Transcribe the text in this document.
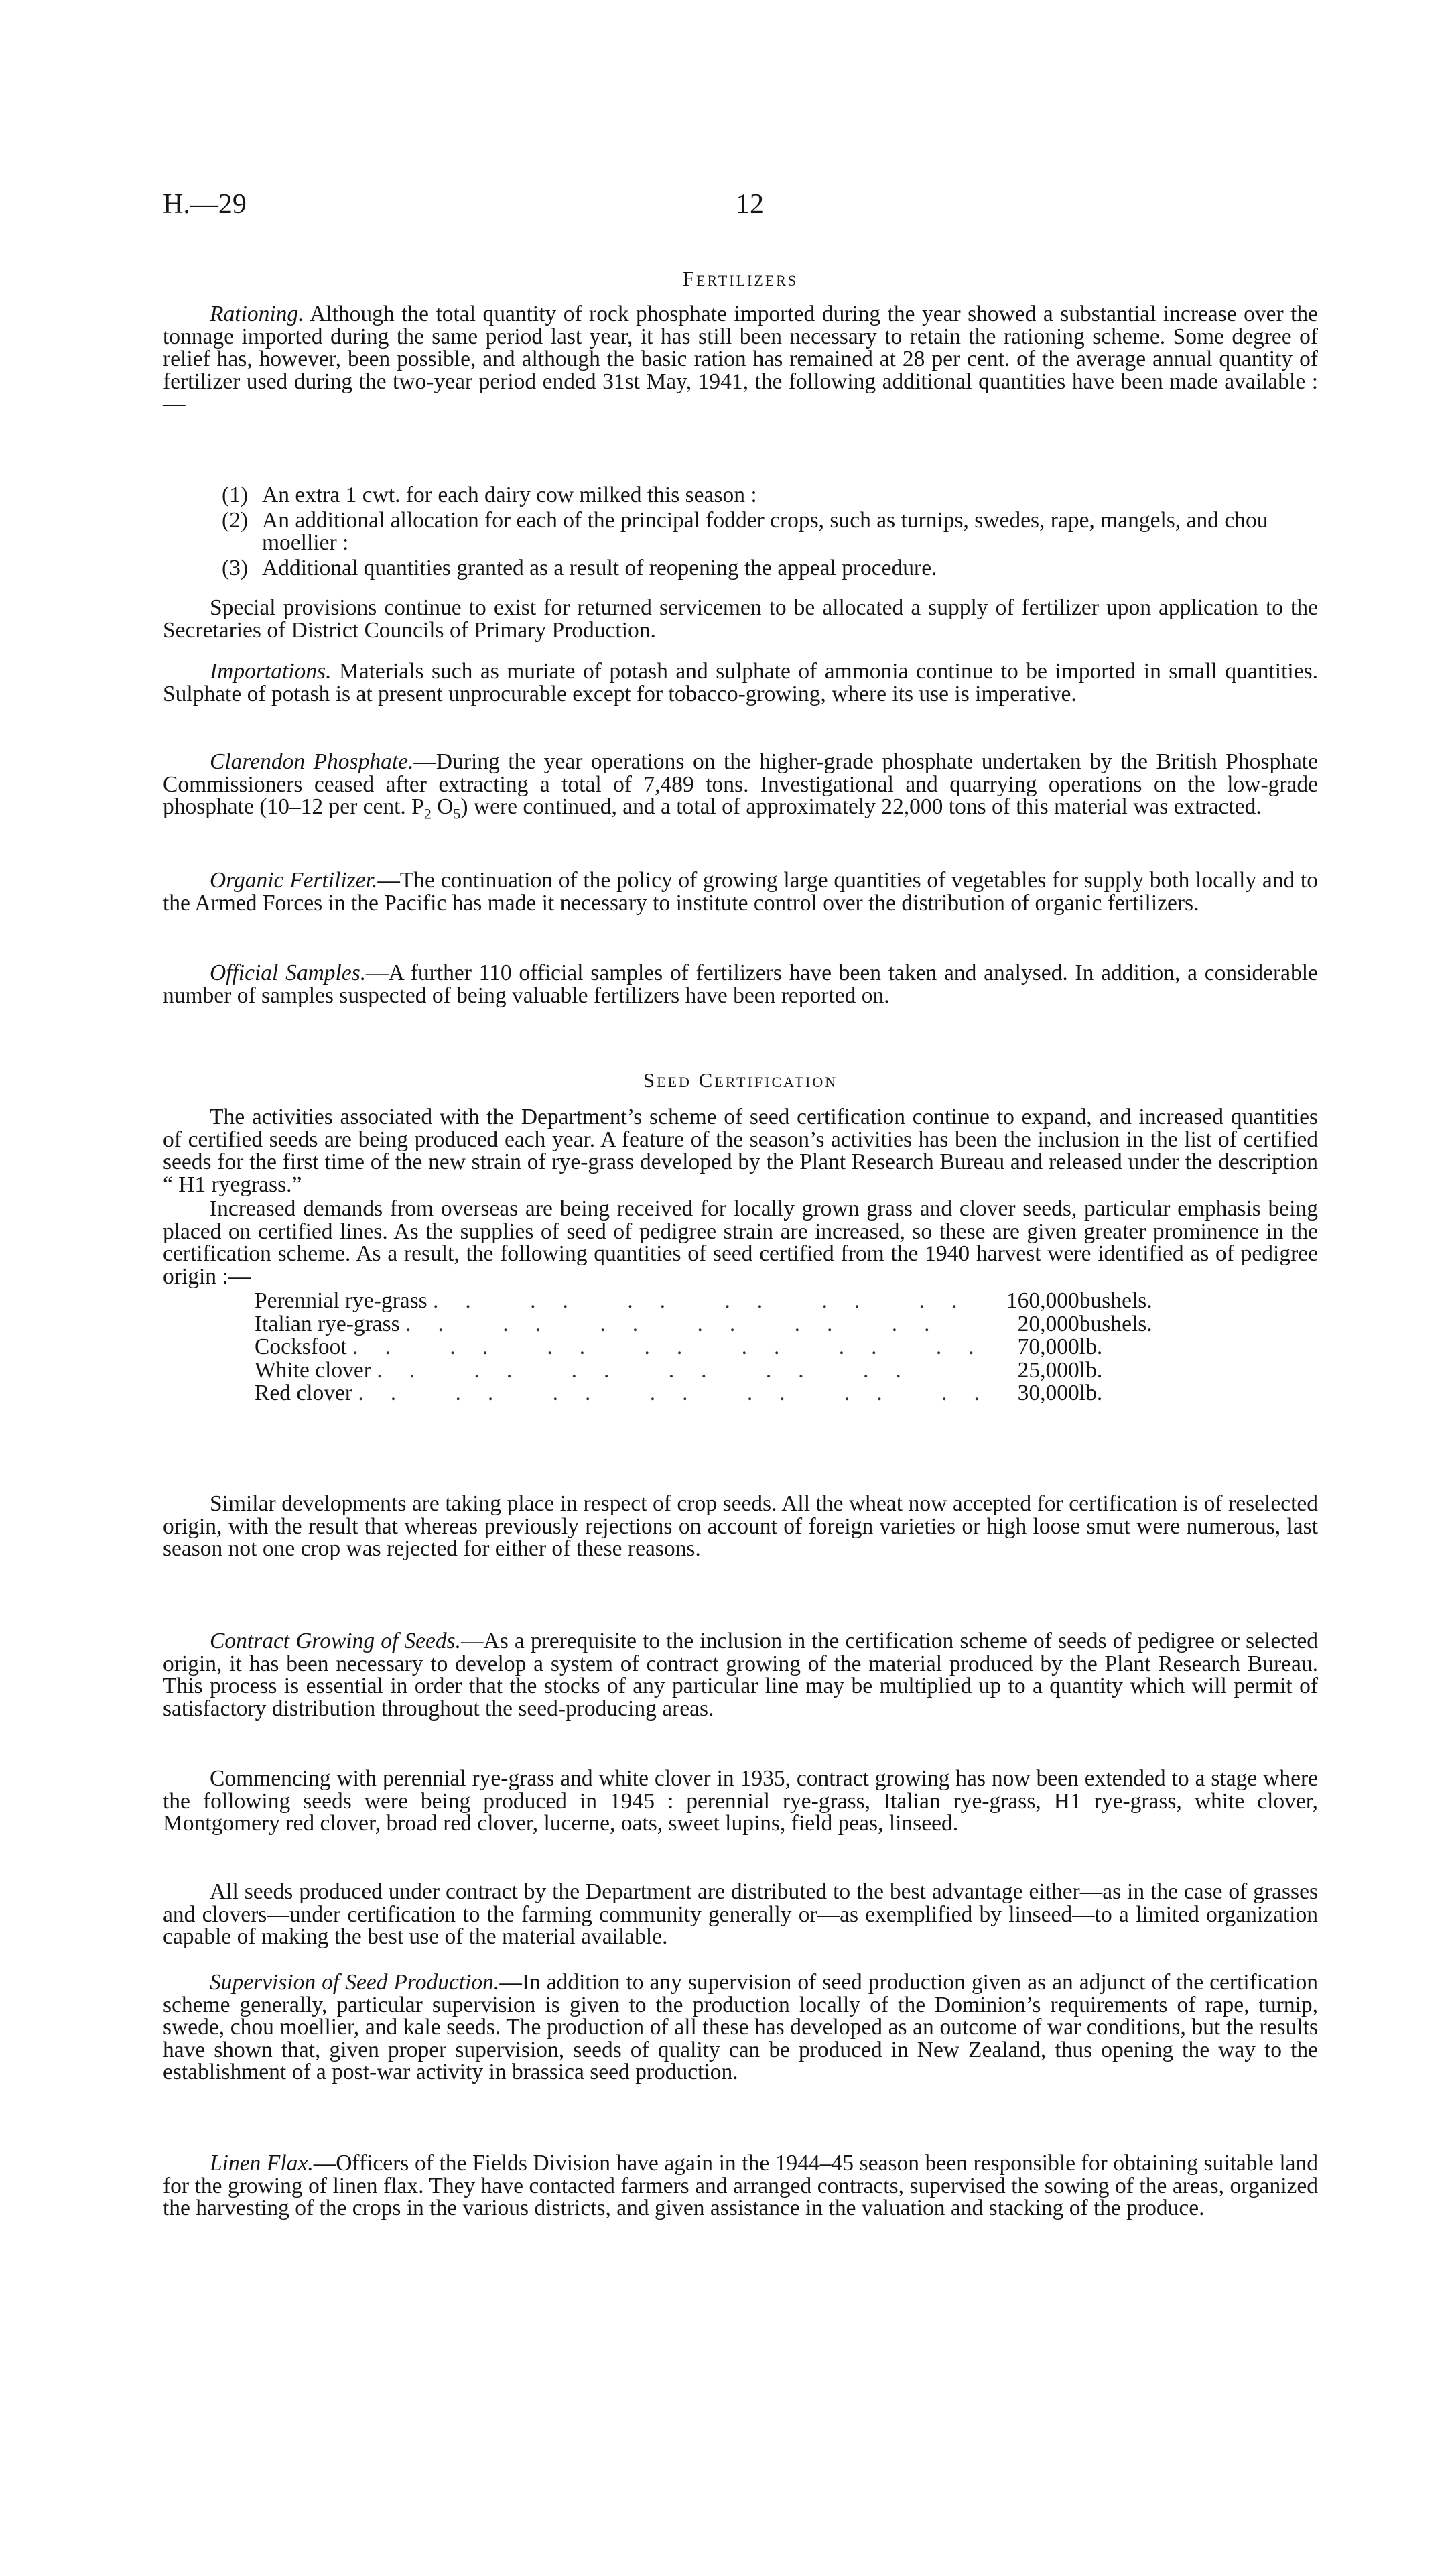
H.—29	12
Fertilizers

Rationing. Although the total quantity of rock phosphate imported during the year showed a substantial increase over the tonnage imported during the same period last year, it has still been necessary to retain the rationing scheme. Some degree of relief has, however, been possible, and although the basic ration has remained at 28 per cent. of the average annual quantity of fertilizer used during the two-year period ended 31st May, 1941, the following additional quantities have been made available :—

(1) An extra 1 cwt. for each dairy cow milked this season :
(2) An additional allocation for each of the principal fodder crops, such as turnips, swedes, rape, mangels, and chou moellier :
(3) Additional quantities granted as a result of reopening the appeal procedure.

Special provisions continue to exist for returned servicemen to be allocated a supply of fertilizer upon application to the Secretaries of District Councils of Primary Production.

Importations. Materials such as muriate of potash and sulphate of ammonia continue to be imported in small quantities. Sulphate of potash is at present unprocurable except for tobacco-growing, where its use is imperative.

Clarendon Phosphate.—During the year operations on the higher-grade phosphate undertaken by the British Phosphate Commissioners ceased after extracting a total of 7,489 tons. Investigational and quarrying operations on the low-grade phosphate (10–12 per cent. $P_2$ $O_5$) were continued, and a total of approximately 22,000 tons of this material was extracted.

Organic Fertilizer.—The continuation of the policy of growing large quantities of vegetables for supply both locally and to the Armed Forces in the Pacific has made it necessary to institute control over the distribution of organic fertilizers.

Official Samples.—A further 110 official samples of fertilizers have been taken and analysed. In addition, a considerable number of samples suspected of being valuable fertilizers have been reported on.

Seed Certification

The activities associated with the Department’s scheme of seed certification continue to expand, and increased quantities of certified seeds are being produced each year. A feature of the season’s activities has been the inclusion in the list of certified seeds for the first time of the new strain of rye-grass developed by the Plant Research Bureau and released under the description “ H1 ryegrass.”

Increased demands from overseas are being received for locally grown grass and clover seeds, particular emphasis being placed on certified lines. As the supplies of seed of pedigree strain are increased, so these are given greater prominence in the certification scheme. As a result, the following quantities of seed certified from the 1940 harvest were identified as of pedigree origin :—

Perennial rye-grass .. .. .. .. .. ..	160,000	bushels.
Italian rye-grass .. .. .. .. .. ..	20,000	bushels.
Cocksfoot .. .. .. .. .. .. ..	70,000	lb.
White clover .. .. .. .. .. ..	25,000	lb.
Red clover .. .. .. .. .. .. ..	30,000	lb.

Similar developments are taking place in respect of crop seeds. All the wheat now accepted for certification is of reselected origin, with the result that whereas previously rejections on account of foreign varieties or high loose smut were numerous, last season not one crop was rejected for either of these reasons.

Contract Growing of Seeds.—As a prerequisite to the inclusion in the certification scheme of seeds of pedigree or selected origin, it has been necessary to develop a system of contract growing of the material produced by the Plant Research Bureau. This process is essential in order that the stocks of any particular line may be multiplied up to a quantity which will permit of satisfactory distribution throughout the seed-producing areas.

Commencing with perennial rye-grass and white clover in 1935, contract growing has now been extended to a stage where the following seeds were being produced in 1945 : perennial rye-grass, Italian rye-grass, H1 rye-grass, white clover, Montgomery red clover, broad red clover, lucerne, oats, sweet lupins, field peas, linseed.

All seeds produced under contract by the Department are distributed to the best advantage either—as in the case of grasses and clovers—under certification to the farming community generally or—as exemplified by linseed—to a limited organization capable of making the best use of the material available.

Supervision of Seed Production.—In addition to any supervision of seed production given as an adjunct of the certification scheme generally, particular supervision is given to the production locally of the Dominion’s requirements of rape, turnip, swede, chou moellier, and kale seeds. The production of all these has developed as an outcome of war conditions, but the results have shown that, given proper supervision, seeds of quality can be produced in New Zealand, thus opening the way to the establishment of a post-war activity in brassica seed production.

Linen Flax.—Officers of the Fields Division have again in the 1944–45 season been responsible for obtaining suitable land for the growing of linen flax. They have contacted farmers and arranged contracts, supervised the sowing of the areas, organized the harvesting of the crops in the various districts, and given assistance in the valuation and stacking of the produce.
